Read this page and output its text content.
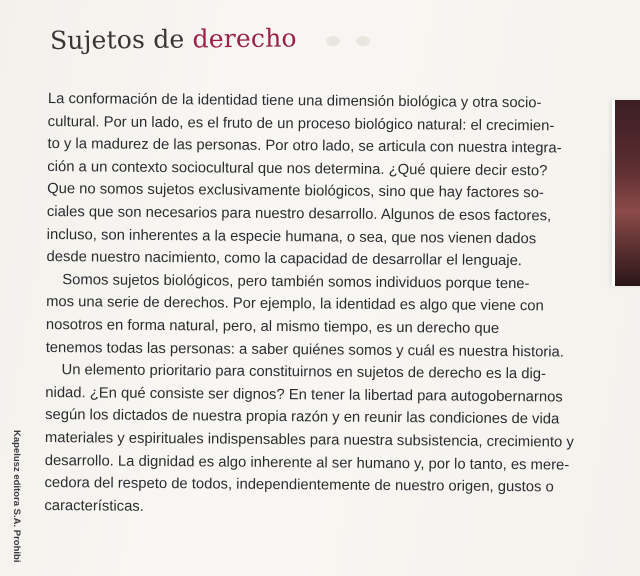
Sujetos de derecho
La conformación de la identidad tiene una dimensión biológica y otra socio-
cultural. Por un lado, es el fruto de un proceso biológico natural: el crecimien-
to y la madurez de las personas. Por otro lado, se articula con nuestra integra-
ción a un contexto sociocultural que nos determina. ¿Qué quiere decir esto?
Que no somos sujetos exclusivamente biológicos, sino que hay factores so-
ciales que son necesarios para nuestro desarrollo. Algunos de esos factores,
incluso, son inherentes a la especie humana, o sea, que nos vienen dados
desde nuestro nacimiento, como la capacidad de desarrollar el lenguaje.
Somos sujetos biológicos, pero también somos individuos porque tene-
mos una serie de derechos. Por ejemplo, la identidad es algo que viene con
nosotros en forma natural, pero, al mismo tiempo, es un derecho que
tenemos todas las personas: a saber quiénes somos y cuál es nuestra historia.
Un elemento prioritario para constituirnos en sujetos de derecho es la dig-
nidad. ¿En qué consiste ser dignos? En tener la libertad para autogobernarnos
según los dictados de nuestra propia razón y en reunir las condiciones de vida
materiales y espirituales indispensables para nuestra subsistencia, crecimiento y
desarrollo. La dignidad es algo inherente al ser humano y, por lo tanto, es mere-
cedora del respeto de todos, independientemente de nuestro origen, gustos o
características.
Kapelusz editora S.A. Prohibi
